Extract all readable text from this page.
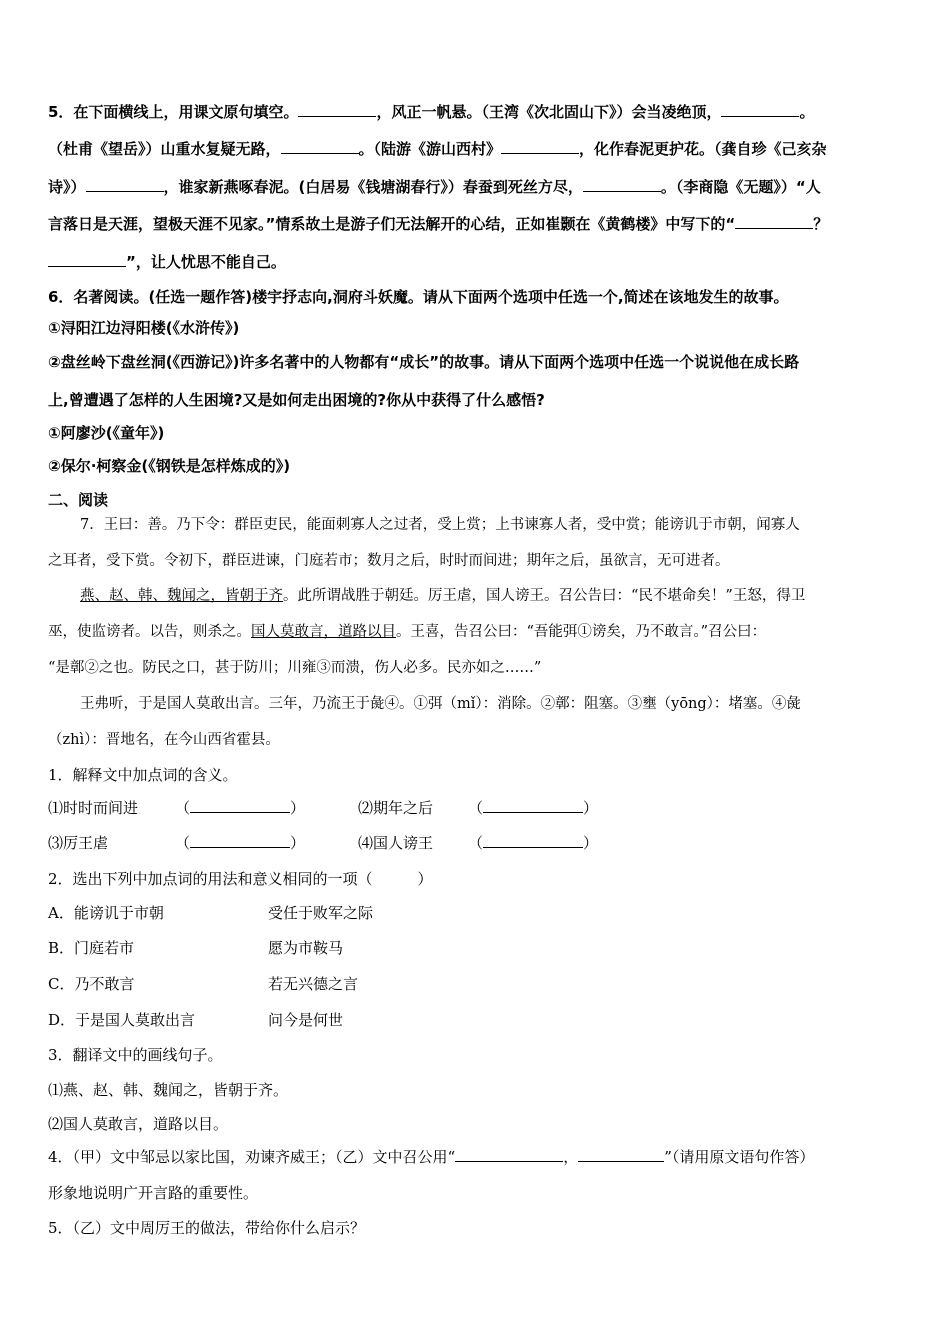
5．在下面横线上，用课文原句填空。	，风正一帆悬。（王湾《次北固山下》）会当凌绝顶，	。
（杜甫《望岳》）山重水复疑无路，	。（陆游《游山西村》	，化作春泥更护花。（龚自珍《己亥杂
诗》）	，谁家新燕啄春泥。(白居易《钱塘湖春行》）春蚕到死丝方尽，	。（李商隐《无题》）“人
言落日是天涯，望极天涯不见家。”情系故土是游子们无法解开的心结，正如崔颢在《黄鹤楼》中写下的“	？
”，让人忧思不能自己。
6．名著阅读。(任选一题作答)楼宇抒志向,洞府斗妖魔。请从下面两个选项中任选一个,简述在该地发生的故事。
①浔阳江边浔阳楼(《水浒传》)
②盘丝岭下盘丝洞(《西游记》)许多名著中的人物都有“成长”的故事。请从下面两个选项中任选一个说说他在成长路
上,曾遭遇了怎样的人生困境?又是如何走出困境的?你从中获得了什么感悟?
①阿廖沙(《童年》)
②保尔·柯察金(《钢铁是怎样炼成的》)
二、阅读
7．王曰：善。乃下令：群臣吏民，能面刺寡人之过者，受上赏；上书谏寡人者，受中赏；能谤讥于市朝，闻寡人
之耳者，受下赏。令初下，群臣进谏，门庭若市；数月之后，时时而间进；期年之后，虽欲言，无可进者。
燕、赵、韩、魏闻之，皆朝于齐。此所谓战胜于朝廷。厉王虐，国人谤王。召公告曰：“民不堪命矣！”王怒，得卫
巫，使监谤者。以告，则杀之。国人莫敢言，道路以目。王喜，告召公曰：“吾能弭①谤矣，乃不敢言。”召公曰：
“是鄣②之也。防民之口，甚于防川；川雍③而溃，伤人必多。民亦如之……”
王弗听，于是国人莫敢出言。三年，乃流王于彘④。①弭（mǐ）：消除。②鄣：阻塞。③壅（yōng）：堵塞。④彘
（zhì）：晋地名，在今山西省霍县。
1．解释文中加点词的含义。
⑴时时而间进 （	）	⑵期年之后 （	）
⑶厉王虐	（	）	⑷国人谤王 （	）
2．选出下列中加点词的用法和意义相同的一项（　　　）
A．能谤讥于市朝	受任于败军之际
B．门庭若市	愿为市鞍马
C．乃不敢言	若无兴德之言
D．于是国人莫敢出言	问今是何世
3．翻译文中的画线句子。
⑴燕、赵、韩、魏闻之，皆朝于齐。
⑵国人莫敢言，道路以目。
4．（甲）文中邹忌以家比国，劝谏齐威王；（乙）文中召公用“	，	”（请用原文语句作答）
形象地说明广开言路的重要性。
5．（乙）文中周厉王的做法，带给你什么启示？
